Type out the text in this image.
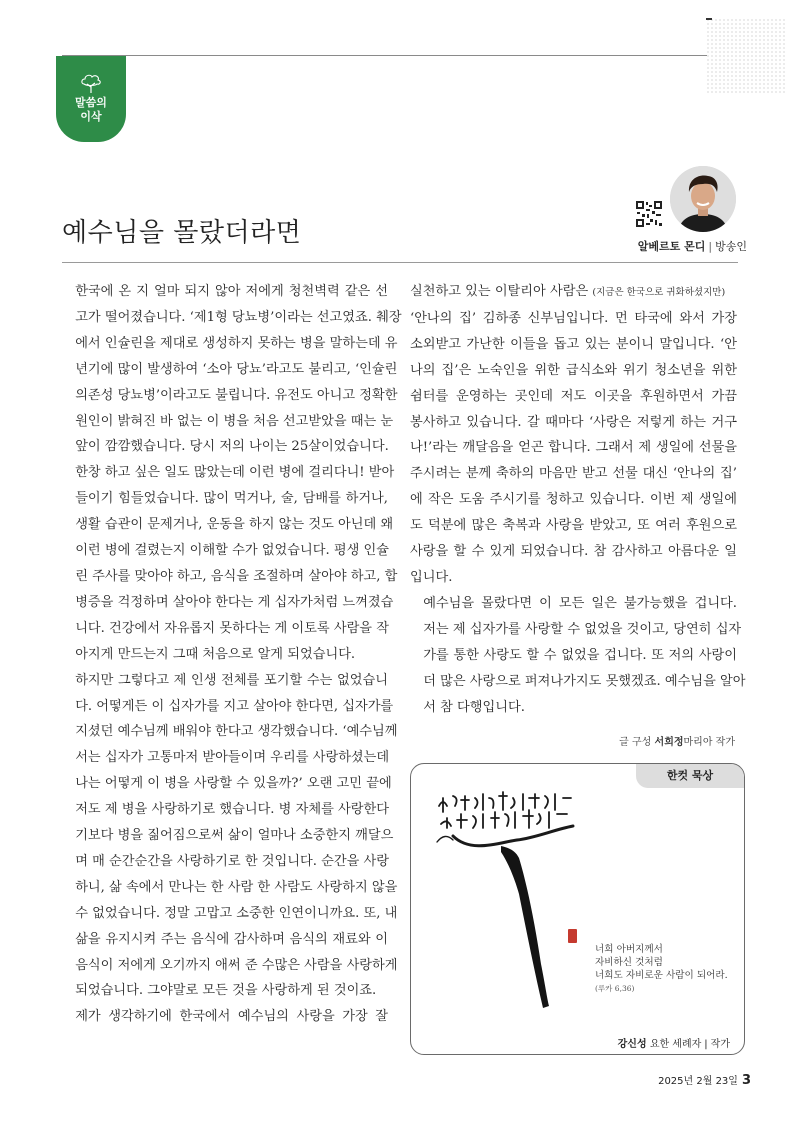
말씀의
이삭
예수님을 몰랐더라면	알베르토 몬디 | 방송인

한국에 온 지 얼마 되지 않아 저에게 청천벽력 같은 선
고가 떨어졌습니다. ‘제1형 당뇨병’이라는 선고였죠. 췌장
에서 인슐린을 제대로 생성하지 못하는 병을 말하는데 유
년기에 많이 발생하여 ‘소아 당뇨’라고도 불리고, ‘인슐린
의존성 당뇨병’이라고도 불립니다. 유전도 아니고 정확한
원인이 밝혀진 바 없는 이 병을 처음 선고받았을 때는 눈
앞이 깜깜했습니다. 당시 저의 나이는 25살이었습니다.
한창 하고 싶은 일도 많았는데 이런 병에 걸리다니! 받아
들이기 힘들었습니다. 많이 먹거나, 술, 담배를 하거나,
생활 습관이 문제거나, 운동을 하지 않는 것도 아닌데 왜
이런 병에 걸렸는지 이해할 수가 없었습니다. 평생 인슐
린 주사를 맞아야 하고, 음식을 조절하며 살아야 하고, 합
병증을 걱정하며 살아야 한다는 게 십자가처럼 느껴졌습
니다. 건강에서 자유롭지 못하다는 게 이토록 사람을 작
아지게 만드는지 그때 처음으로 알게 되었습니다.

하지만 그렇다고 제 인생 전체를 포기할 수는 없었습니
다. 어떻게든 이 십자가를 지고 살아야 한다면, 십자가를
지셨던 예수님께 배워야 한다고 생각했습니다. ‘예수님께
서는 십자가 고통마저 받아들이며 우리를 사랑하셨는데
나는 어떻게 이 병을 사랑할 수 있을까?’ 오랜 고민 끝에
저도 제 병을 사랑하기로 했습니다. 병 자체를 사랑한다
기보다 병을 짊어짐으로써 삶이 얼마나 소중한지 깨달으
며 매 순간순간을 사랑하기로 한 것입니다. 순간을 사랑
하니, 삶 속에서 만나는 한 사람 한 사람도 사랑하지 않을
수 없었습니다. 정말 고맙고 소중한 인연이니까요. 또, 내
삶을 유지시켜 주는 음식에 감사하며 음식의 재료와 이
음식이 저에게 오기까지 애써 준 수많은 사람을 사랑하게
되었습니다. 그야말로 모든 것을 사랑하게 된 것이죠.

제가 생각하기에 한국에서 예수님의 사랑을 가장 잘

실천하고 있는 이탈리아 사람은 (지금은 한국으로 귀화하셨지만)
‘안나의 집’ 김하종 신부님입니다. 먼 타국에 와서 가장
소외받고 가난한 이들을 돕고 있는 분이니 말입니다. ‘안
나의 집’은 노숙인을 위한 급식소와 위기 청소년을 위한
쉼터를 운영하는 곳인데 저도 이곳을 후원하면서 가끔
봉사하고 있습니다. 갈 때마다 ‘사랑은 저렇게 하는 거구
나!’라는 깨달음을 얻곤 합니다. 그래서 제 생일에 선물을
주시려는 분께 축하의 마음만 받고 선물 대신 ‘안나의 집’
에 작은 도움 주시기를 청하고 있습니다. 이번 제 생일에
도 덕분에 많은 축복과 사랑을 받았고, 또 여러 후원으로
사랑을 할 수 있게 되었습니다. 참 감사하고 아름다운 일
입니다.

예수님을 몰랐다면 이 모든 일은 불가능했을 겁니다.
저는 제 십자가를 사랑할 수 없었을 것이고, 당연히 십자
가를 통한 사랑도 할 수 없었을 겁니다. 또 저의 사랑이
더 많은 사랑으로 퍼져나가지도 못했겠죠. 예수님을 알아
서 참 다행입니다.

글 구성 서희정마리아 작가
한컷 묵상
너희 아버지께서
자비하신 것처럼
너희도 자비로운 사람이 되어라.
(루카 6,36)
강신성 요한 세례자 | 작가
2025년 2월 23일 3
